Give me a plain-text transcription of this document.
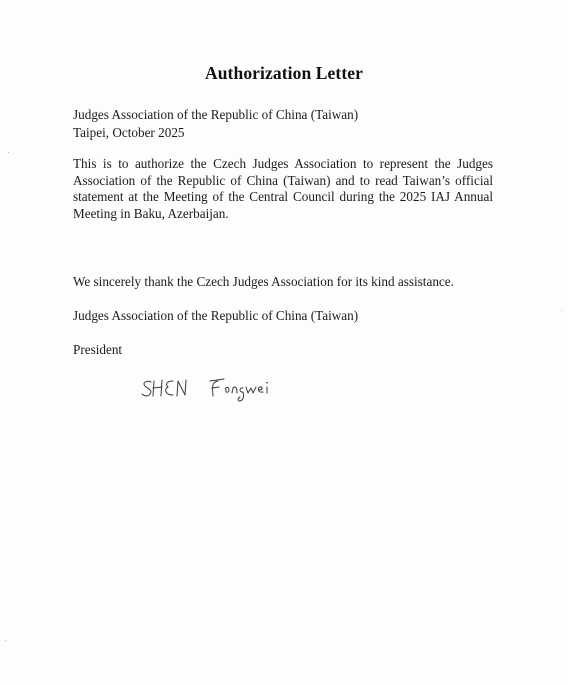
Authorization Letter
Judges Association of the Republic of China (Taiwan)
Taipei, October 2025
This is to authorize the Czech Judges Association to represent the Judges Association of the Republic of China (Taiwan) and to read Taiwan’s official statement at the Meeting of the Central Council during the 2025 IAJ Annual Meeting in Baku, Azerbaijan.
We sincerely thank the Czech Judges Association for its kind assistance.
Judges Association of the Republic of China (Taiwan)
President
